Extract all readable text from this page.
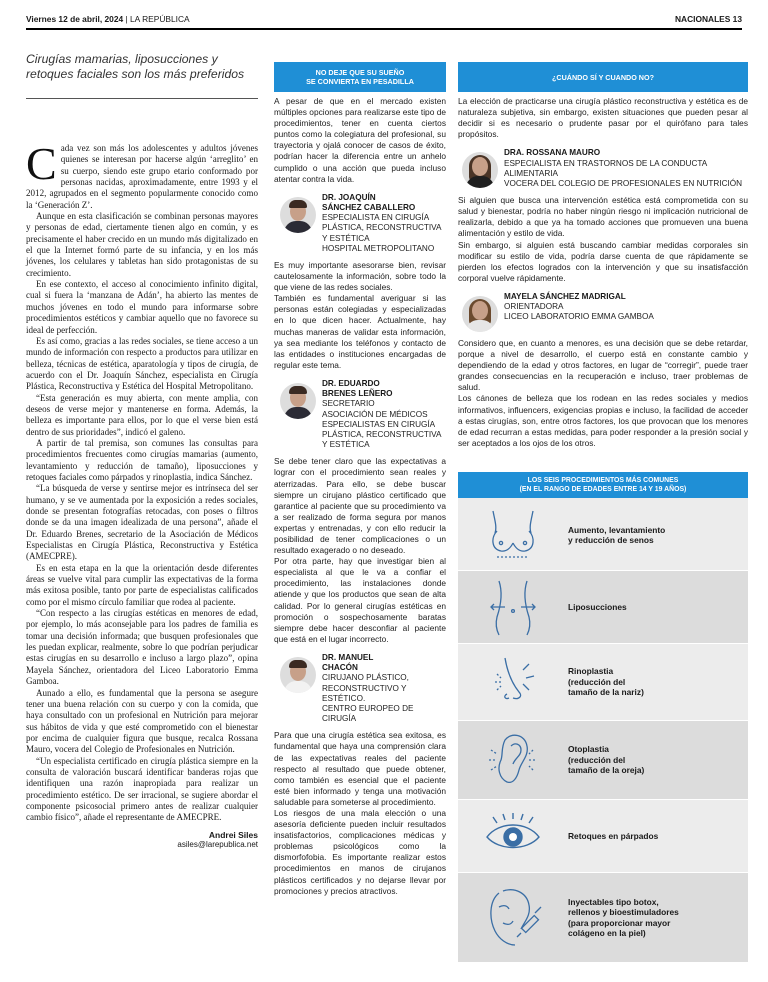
Viernes 12 de abril, 2024 | LA REPÚBLICA	NACIONALES 13
Cirugías mamarias, liposucciones y retoques faciales son los más preferidos

Cada vez son más los adolescentes y adultos jóvenes quienes se interesan por hacerse algún ‘arreglito’ en su cuerpo, siendo este grupo etario conformado por personas nacidas, aproximadamente, entre 1993 y el 2012, agrupados en el segmento popularmente conocido como la ‘Generación Z’.

Aunque en esta clasificación se combinan personas mayores y personas de edad, ciertamente tienen algo en común, y es precisamente el haber crecido en un mundo más digitalizado en el que la Internet formó parte de su infancia, y en los más jóvenes, los celulares y tabletas han sido protagonistas de su crecimiento.

En ese contexto, el acceso al conocimiento infinito digital, cual si fuera la ‘manzana de Adán’, ha abierto las mentes de muchos jóvenes en todo el mundo para informarse sobre procedimientos estéticos y cambiar aquello que no favorece su ideal de perfección.

Es así como, gracias a las redes sociales, se tiene acceso a un mundo de información con respecto a productos para utilizar en belleza, técnicas de estética, aparatología y tipos de cirugía, de acuerdo con el Dr. Joaquín Sánchez, especialista en Cirugía Plástica, Reconstructiva y Estética del Hospital Metropolitano.

“Esta generación es muy abierta, con mente amplia, con deseos de verse mejor y mantenerse en forma. Además, la belleza es importante para ellos, por lo que el verse bien está dentro de sus prioridades”, indicó el galeno.

A partir de tal premisa, son comunes las consultas para procedimientos frecuentes como cirugías mamarias (aumento, levantamiento y reducción de tamaño), liposucciones y retoques faciales como párpados y rinoplastia, indica Sánchez.

“La búsqueda de verse y sentirse mejor es intrínseca del ser humano, y se ve aumentada por la exposición a redes sociales, donde se presentan fotografías retocadas, con poses o filtros donde se da una imagen idealizada de una persona”, añade el Dr. Eduardo Brenes, secretario de la Asociación de Médicos Especialistas en Cirugía Plástica, Reconstructiva y Estética (AMECPRE).

Es en esta etapa en la que la orientación desde diferentes áreas se vuelve vital para cumplir las expectativas de la forma más exitosa posible, tanto por parte de especialistas calificados como por el mismo círculo familiar que rodea al paciente.

“Con respecto a las cirugías estéticas en menores de edad, por ejemplo, lo más aconsejable para los padres de familia es tomar una decisión informada; que busquen profesionales que les puedan explicar, realmente, sobre lo que podrían perjudicar estas cirugías en su desarrollo e incluso a largo plazo”, opina Mayela Sánchez, orientadora del Liceo Laboratorio Emma Gamboa.

Aunado a ello, es fundamental que la persona se asegure tener una buena relación con su cuerpo y con la comida, que haya consultado con un profesional en Nutrición para mejorar sus hábitos de vida y que esté comprometido con el bienestar por encima de cualquier figura que busque, recalca Rossana Mauro, vocera del Colegio de Profesionales en Nutrición.

“Un especialista certificado en cirugía plástica siempre en la consulta de valoración buscará identificar banderas rojas que identifiquen una razón inapropiada para realizar un procedimiento estético. De ser irracional, se sugiere abordar el componente psicosocial primero antes de realizar cualquier cambio físico”, añade el representante de AMECPRE.

Andrei Siles
asiles@larepublica.net
NO DEJE QUE SU SUEÑO
SE CONVIERTA EN PESADILLA

A pesar de que en el mercado existen múltiples opciones para realizarse este tipo de procedimientos, tener en cuenta ciertos puntos como la colegiatura del profesional, su trayectoria y ojalá conocer de casos de éxito, podrían hacer la diferencia entre un anhelo cumplido o una acción que pueda incluso atentar contra la vida.

DR. JOAQUÍN
SÁNCHEZ CABALLERO
ESPECIALISTA EN CIRUGÍA
PLÁSTICA, RECONSTRUCTIVA
Y ESTÉTICA
HOSPITAL METROPOLITANO

Es muy importante asesorarse bien, revisar cautelosamente la información, sobre todo la que viene de las redes sociales.

También es fundamental averiguar si las personas están colegiadas y especializadas en lo que dicen hacer. Actualmente, hay muchas maneras de validar esta información, ya sea mediante los teléfonos y contacto de las entidades o instituciones encargadas de regular este tema.

DR. EDUARDO
BRENES LEÑERO
SECRETARIO
ASOCIACIÓN DE MÉDICOS
ESPECIALISTAS EN CIRUGÍA
PLÁSTICA, RECONSTRUCTIVA
Y ESTÉTICA

Se debe tener claro que las expectativas a lograr con el procedimiento sean reales y aterrizadas. Para ello, se debe buscar siempre un cirujano plástico certificado que garantice al paciente que su procedimiento va a ser realizado de forma segura por manos expertas y entrenadas, y con ello reducir la posibilidad de tener complicaciones o un resultado exagerado o no deseado.

Por otra parte, hay que investigar bien al especialista al que le va a confiar el procedimiento, las instalaciones donde atiende y que los productos que sean de alta calidad. Por lo general cirugías estéticas en promoción o sospechosamente baratas siempre debe hacer desconfiar al paciente que está en el lugar incorrecto.

DR. MANUEL
CHACÓN
CIRUJANO PLÁSTICO,
RECONSTRUCTIVO Y
ESTÉTICO.
CENTRO EUROPEO DE
CIRUGÍA

Para que una cirugía estética sea exitosa, es fundamental que haya una comprensión clara de las expectativas reales del paciente respecto al resultado que puede obtener, como también es esencial que el paciente esté bien informado y tenga una motivación saludable para someterse al procedimiento.

Los riesgos de una mala elección o una asesoría deficiente pueden incluir resultados insatisfactorios, complicaciones médicas y problemas psicológicos como la dismorfofobia. Es importante realizar estos procedimientos en manos de cirujanos plásticos certificados y no dejarse llevar por promociones y precios atractivos.

¿CUÁNDO SÍ Y CUANDO NO?

La elección de practicarse una cirugía plástico reconstructiva y estética es de naturaleza subjetiva, sin embargo, existen situaciones que pueden pesar al decidir si es necesario o prudente pasar por el quirófano para tales propósitos.

DRA. ROSSANA MAURO
ESPECIALISTA EN TRASTORNOS DE LA CONDUCTA
ALIMENTARIA
VOCERA DEL COLEGIO DE PROFESIONALES EN NUTRICIÓN

Si alguien que busca una intervención estética está comprometida con su salud y bienestar, podría no haber ningún riesgo ni implicación nutricional de realizarla, debido a que ya ha tomado acciones que promueven una buena alimentación y estilo de vida.

Sin embargo, si alguien está buscando cambiar medidas corporales sin modificar su estilo de vida, podría darse cuenta de que rápidamente se pierden los efectos logrados con la intervención y que su insatisfacción corporal vuelve rápidamente.

MAYELA SÁNCHEZ MADRIGAL
ORIENTADORA
LICEO LABORATORIO EMMA GAMBOA

Considero que, en cuanto a menores, es una decisión que se debe retardar, porque a nivel de desarrollo, el cuerpo está en constante cambio y dependiendo de la edad y otros factores, en lugar de “corregir”, puede traer grandes consecuencias en la recuperación e incluso, traer problemas de salud.

Los cánones de belleza que los rodean en las redes sociales y medios informativos, influencers, exigencias propias e incluso, la facilidad de acceder a estas cirugías, son, entre otros factores, los que provocan que los menores de edad recurran a estas medidas, para poder responder a la presión social y ser aceptados a los ojos de los otros.

LOS SEIS PROCEDIMIENTOS MÁS COMUNES
(EN EL RANGO DE EDADES ENTRE 14 Y 19 AÑOS)
Aumento, levantamiento
y reducción de senos
Liposucciones
Rinoplastia
(reducción del
tamaño de la nariz)
Otoplastia
(reducción del
tamaño de la oreja)
Retoques en párpados
Inyectables tipo botox,
rellenos y bioestimuladores
(para proporcionar mayor
colágeno en la piel)
